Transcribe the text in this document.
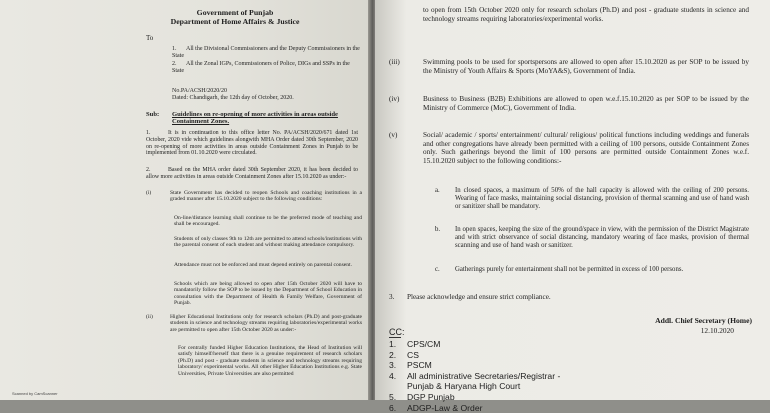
Government of Punjab
Department of Home Affairs & Justice
To
1. All the Divisional Commissioners and the Deputy Commissioners in the State
2. All the Zonal IGPs, Commissioners of Police, DIGs and SSPs in the State
No.PA/ACSH/2020/20
Dated: Chandigarh, the 12th day of October, 2020.
Sub: Guidelines on re-opening of more activities in areas outside Containment Zones.
1.	It is in continuation to this office letter No. PA/ACSH/2020/671 dated 1st October, 2020 vide which guidelines alongwith MHA Order dated 30th September, 2020 on re-opening of more activities in areas outside Containment Zones in Punjab to be implemented from 01.10.2020 were circulated.
2.	Based on the MHA order dated 30th September 2020, it has been decided to allow more activities in areas outside Containment Zones after 15.10.2020 as under:-
(i)	State Government has decided to reopen Schools and coaching institutions in a graded manner after 15.10.2020 subject to the following conditions:
On-line/distance learning shall continue to be the preferred mode of teaching and shall be encouraged.
Students of only classes 9th to 12th are permitted to attend schools/institutions with the parental consent of each student and without making attendance compulsory.
Attendance must not be enforced and must depend entirely on parental consent.
Schools which are being allowed to open after 15th October 2020 will have to mandatorily follow the SOP to be issued by the Department of School Education in consultation with the Department of Health & Family Welfare, Government of Punjab.
(ii)	Higher Educational Institutions only for research scholars (Ph.D) and post-graduate students in science and technology streams requiring laboratories/experimental works are permitted to open after 15th October 2020 as under:-
For centrally funded Higher Education Institutions, the Head of Institution will satisfy himself/herself that there is a genuine requirement of research scholars (Ph.D) and post - graduate students in science and technology streams requiring laboratory/ experimental works. All other Higher Education Institutions e.g. State Universities, Private Universities are also permitted
Scanned by CamScanner
to open from 15th October 2020 only for research scholars (Ph.D) and post - graduate students in science and technology streams requiring laboratories/experimental works.
(iii)	Swimming pools to be used for sportspersons are allowed to open after 15.10.2020 as per SOP to be issued by the Ministry of Youth Affairs & Sports (MoYA&S), Government of India.
(iv)	Business to Business (B2B) Exhibitions are allowed to open w.e.f.15.10.2020 as per SOP to be issued by the Ministry of Commerce (MoC), Government of India.
(v)	Social/ academic / sports/ entertainment/ cultural/ religious/ political functions including weddings and funerals and other congregations have already been permitted with a ceiling of 100 persons, outside Containment Zones only. Such gatherings beyond the limit of 100 persons are permitted outside Containment Zones w.e.f. 15.10.2020 subject to the following conditions:-
a. In closed spaces, a maximum of 50% of the hall capacity is allowed with the ceiling of 200 persons. Wearing of face masks, maintaining social distancing, provision of thermal scanning and use of hand wash or sanitizer shall be mandatory.
b. In open spaces, keeping the size of the ground/space in view, with the permission of the District Magistrate and with strict observance of social distancing, mandatory wearing of face masks, provision of thermal scanning and use of hand wash or sanitizer.
c. Gatherings purely for entertainment shall not be permitted in excess of 100 persons.
3. Please acknowledge and ensure strict compliance.
Addl. Chief Secretary (Home)
12.10.2020
CC:
1. CPS/CM
2. CS
3. PSCM
4. All administrative Secretaries/Registrar -
Punjab & Haryana High Court
5. DGP Punjab
6. ADGP-Law & Order
